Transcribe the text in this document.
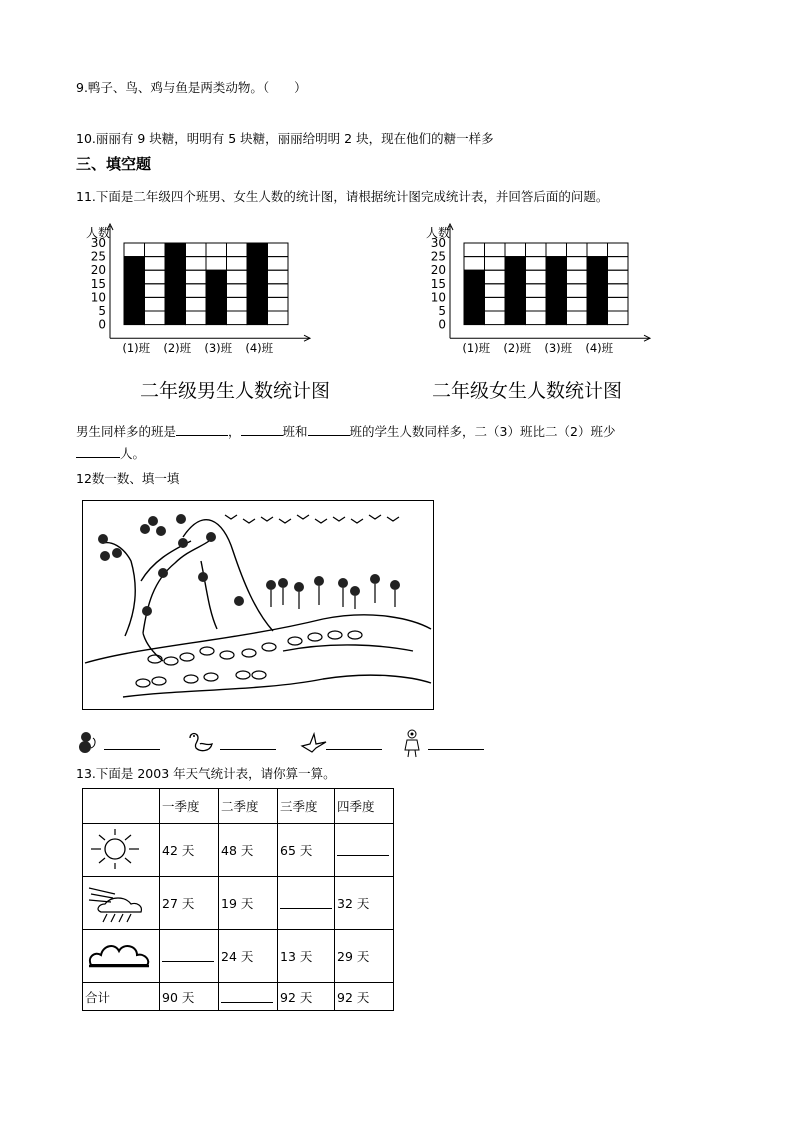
9.鸭子、鸟、鸡与鱼是两类动物。（　　）
10.丽丽有 9 块糖，明明有 5 块糖，丽丽给明明 2 块，现在他们的糖一样多
三、填空题
11.下面是二年级四个班男、女生人数的统计图，请根据统计图完成统计表，并回答后面的问题。
人数
30
25
20
15
10
5
0
(1)班 (2)班 (3)班 (4)班
二年级男生人数统计图
人数
30
25
20
15
10
5
0
(1)班 (2)班 (3)班 (4)班
二年级女生人数统计图
男生同样多的班是	，	班和	班的学生人数同样多，二（3）班比二（2）班少
人。
12数一数、填一填
13.下面是 2003 年天气统计表，请你算一算。
	一季度	二季度	三季度	四季度
	42 天	48 天	65 天	
	27 天	19 天		32 天
		24 天	13 天	29 天
合计	90 天		92 天	92 天
